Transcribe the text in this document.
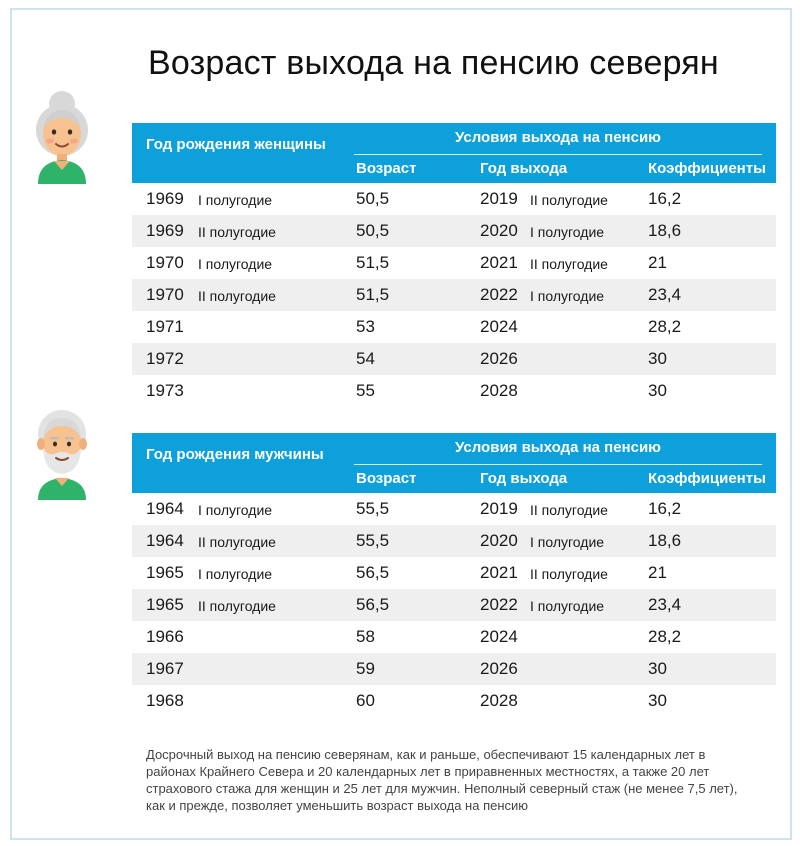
Возраст выхода на пенсию северян
Год рождения женщины	Условия выхода на пенсию
Возраст	Год выхода	Коэффициенты
1969 I полугодие	50,5	2019 II полугодие 16,2
1969 II полугодие	50,5	2020 I полугодие	18,6
1970 I полугодие	51,5	2021 II полугодие 21
1970 II полугодие	51,5	2022 I полугодие	23,4
1971	53	2024	28,2
1972	54	2026	30
1973	55	2028	30
Год рождения мужчины	Условия выхода на пенсию
Возраст	Год выхода	Коэффициенты
1964 I полугодие	55,5	2019 II полугодие 16,2
1964 II полугодие	55,5	2020 I полугодие	18,6
1965 I полугодие	56,5	2021 II полугодие 21
1965 II полугодие	56,5	2022 I полугодие	23,4
1966	58	2024	28,2
1967	59	2026	30
1968	60	2028	30

Досрочный выход на пенсию северянам, как и раньше, обеспечивают 15 календарных лет в районах Крайнего Севера и 20 календарных лет в приравненных местностях, а также 20 лет страхового стажа для женщин и 25 лет для мужчин. Неполный северный стаж (не менее 7,5 лет), как и прежде, позволяет уменьшить возраст выхода на пенсию
